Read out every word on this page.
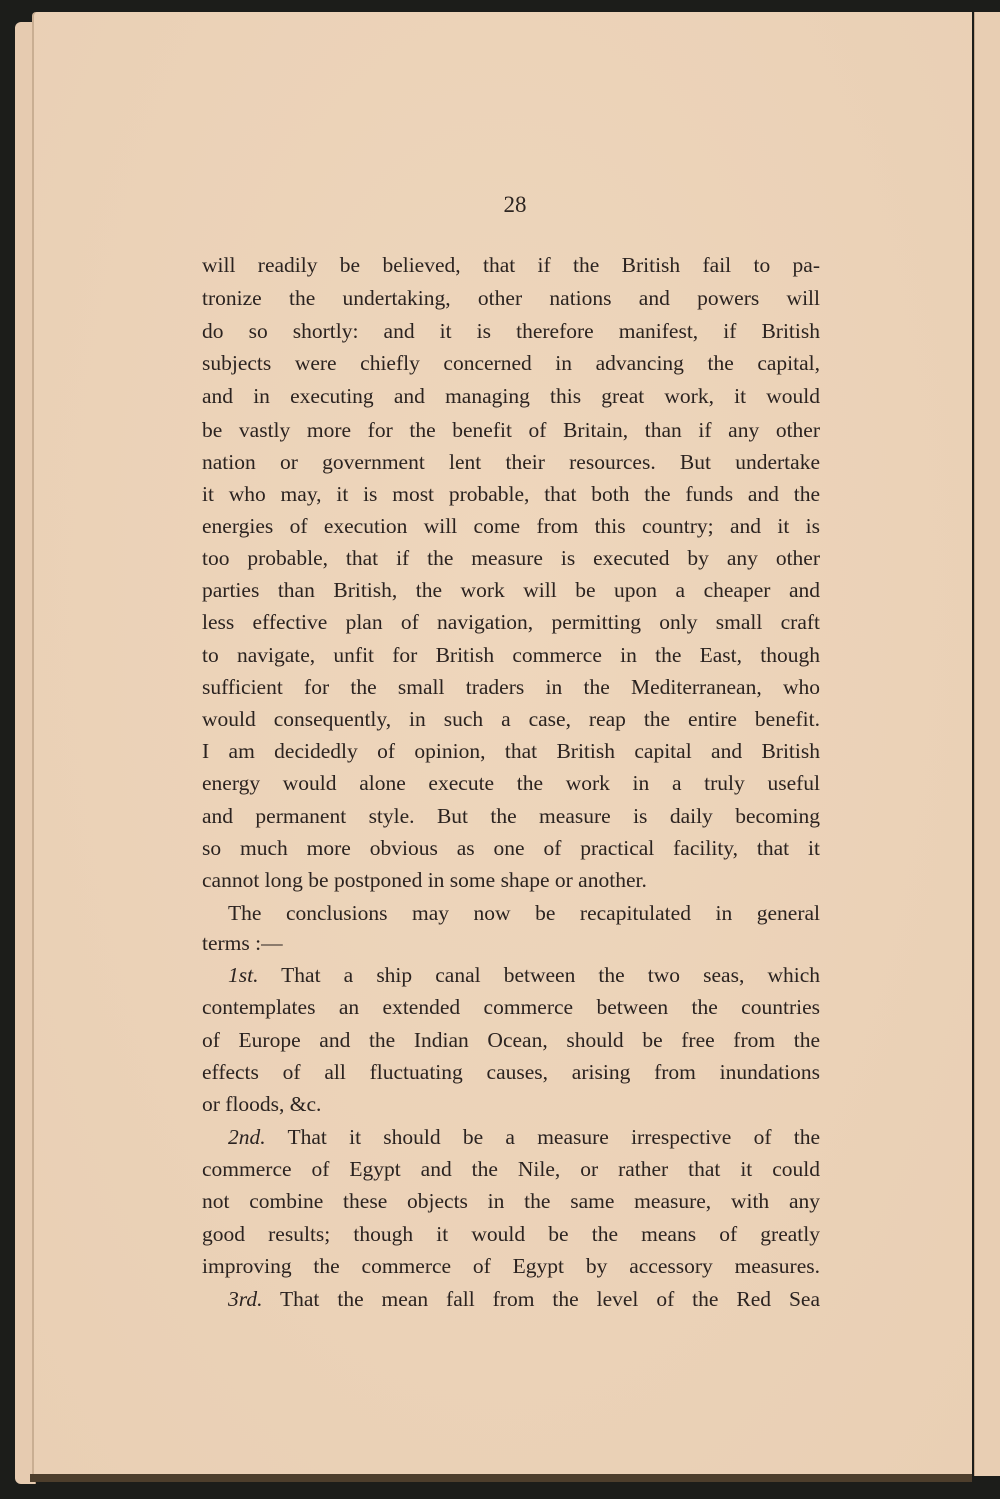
28
will readily be believed, that if the British fail to pa-
tronize the undertaking, other nations and powers will
do so shortly: and it is therefore manifest, if British
subjects were chiefly concerned in advancing the capital,
and in executing and managing this great work, it would
be vastly more for the benefit of Britain, than if any other
nation or government lent their resources. But undertake
it who may, it is most probable, that both the funds and the
energies of execution will come from this country; and it is
too probable, that if the measure is executed by any other
parties than British, the work will be upon a cheaper and
less effective plan of navigation, permitting only small craft
to navigate, unfit for British commerce in the East, though
sufficient for the small traders in the Mediterranean, who
would consequently, in such a case, reap the entire benefit.
I am decidedly of opinion, that British capital and British
energy would alone execute the work in a truly useful
and permanent style. But the measure is daily becoming
so much more obvious as one of practical facility, that it
cannot long be postponed in some shape or another.
The conclusions may now be recapitulated in general
terms :—
1st. That a ship canal between the two seas, which
contemplates an extended commerce between the countries
of Europe and the Indian Ocean, should be free from the
effects of all fluctuating causes, arising from inundations
or floods, &c.
2nd. That it should be a measure irrespective of the
commerce of Egypt and the Nile, or rather that it could
not combine these objects in the same measure, with any
good results; though it would be the means of greatly
improving the commerce of Egypt by accessory measures.
3rd. That the mean fall from the level of the Red Sea
